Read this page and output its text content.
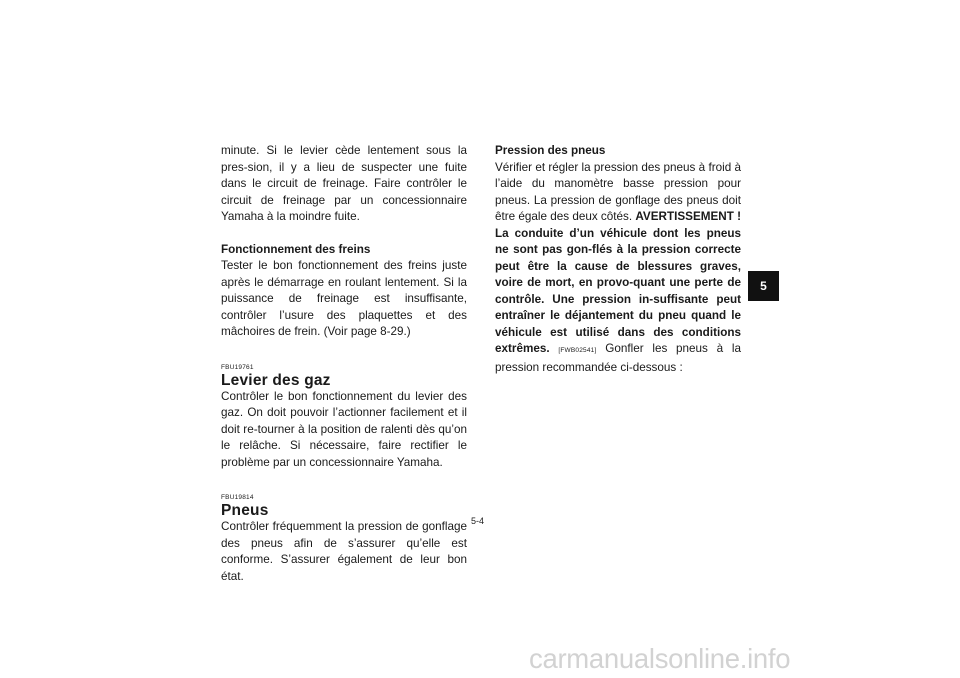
minute. Si le levier cède lentement sous la pres-sion, il y a lieu de suspecter une fuite dans le circuit de freinage. Faire contrôler le circuit de freinage par un concessionnaire Yamaha à la moindre fuite.

Fonctionnement des freins

Tester le bon fonctionnement des freins juste après le démarrage en roulant lentement. Si la puissance de freinage est insuffisante, contrôler l’usure des plaquettes et des mâchoires de frein. (Voir page 8-29.)

FBU19761

Levier des gaz

Contrôler le bon fonctionnement du levier des gaz. On doit pouvoir l’actionner facilement et il doit re-tourner à la position de ralenti dès qu’on le relâche. Si nécessaire, faire rectifier le problème par un concessionnaire Yamaha.

FBU19814

Pneus

Contrôler fréquemment la pression de gonflage des pneus afin de s’assurer qu’elle est conforme. S’assurer également de leur bon état.

Pression des pneus

Vérifier et régler la pression des pneus à froid à l’aide du manomètre basse pression pour pneus. La pression de gonflage des pneus doit être égale des deux côtés. AVERTISSEMENT ! La conduite d’un véhicule dont les pneus ne sont pas gon-flés à la pression correcte peut être la cause de blessures graves, voire de mort, en provo-quant une perte de contrôle. Une pression in-suffisante peut entraîner le déjantement du pneu quand le véhicule est utilisé dans des conditions extrêmes. [FWB02541] Gonfler les pneus à la pression recommandée ci-dessous :

5
5-4
carmanualsonline.info
